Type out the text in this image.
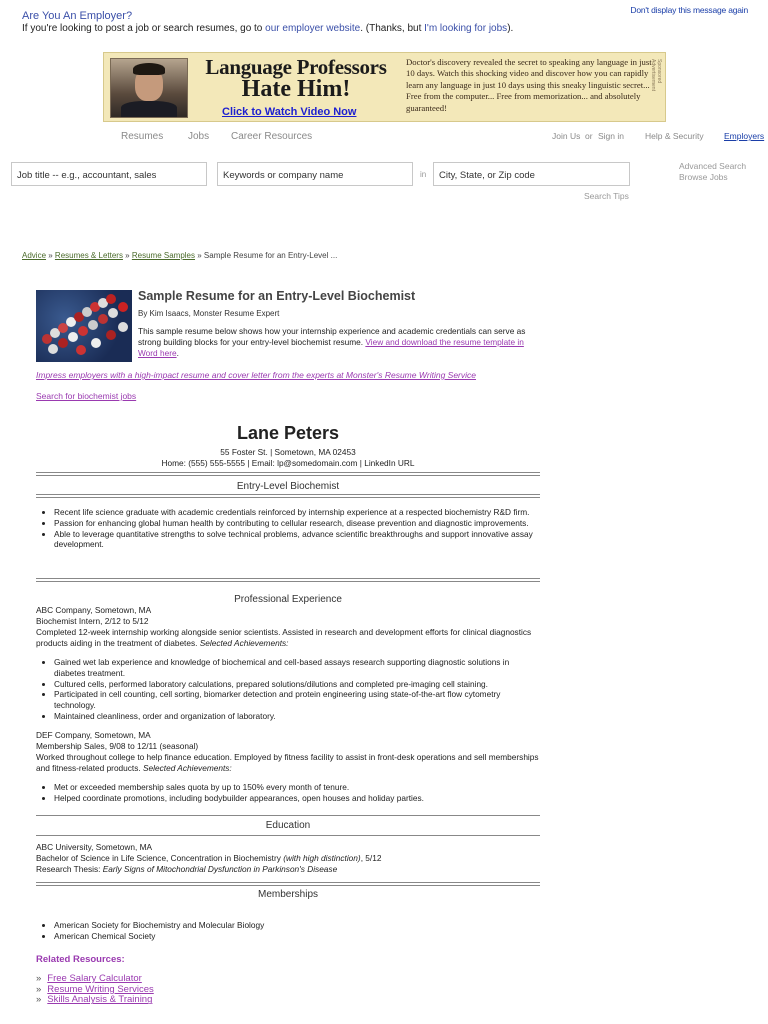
Are You An Employer?
If you're looking to post a job or search resumes, go to our employer website. (Thanks, but I'm looking for jobs).
Don't display this message again
Language Professors
Hate Him!
Click to Watch Video Now
Doctor's discovery revealed the secret to speaking any language in just 10 days. Watch this shocking video and discover how you can rapidly learn any language in just 10 days using this sneaky linguistic secret... Free from the computer... Free from memorization... and absolutely guaranteed!
Sponsored Advertisement
Resumes Jobs Career Resources	Join Us or Sign in Help & Security Employers
Job title -- e.g., accountant, sales	Keywords or company name	in	City, State, or Zip code
Advanced Search
Browse Jobs
Search Tips
Advice » Resumes & Letters » Resume Samples » Sample Resume for an Entry-Level ...
Sample Resume for an Entry-Level Biochemist
By Kim Isaacs, Monster Resume Expert
This sample resume below shows how your internship experience and academic credentials can serve as strong building blocks for your entry-level biochemist resume. View and download the resume template in Word here.
Impress employers with a high-impact resume and cover letter from the experts at Monster's Resume Writing Service
Search for biochemist jobs
Lane Peters
55 Foster St. | Sometown, MA 02453
Home: (555) 555-5555 | Email: lp@somedomain.com | LinkedIn URL
Entry-Level Biochemist
• Recent life science graduate with academic credentials reinforced by internship experience at a respected biochemistry R&D firm.
• Passion for enhancing global human health by contributing to cellular research, disease prevention and diagnostic improvements.
• Able to leverage quantitative strengths to solve technical problems, advance scientific breakthroughs and support innovative assay development.
Professional Experience
ABC Company, Sometown, MA
Biochemist Intern, 2/12 to 5/12
Completed 12-week internship working alongside senior scientists. Assisted in research and development efforts for clinical diagnostics products aiding in the treatment of diabetes. Selected Achievements:
• Gained wet lab experience and knowledge of biochemical and cell-based assays research supporting diagnostic solutions in diabetes treatment.
• Cultured cells, performed laboratory calculations, prepared solutions/dilutions and completed pre-imaging cell staining.
• Participated in cell counting, cell sorting, biomarker detection and protein engineering using state-of-the-art flow cytometry technology.
• Maintained cleanliness, order and organization of laboratory.
DEF Company, Sometown, MA
Membership Sales, 9/08 to 12/11 (seasonal)
Worked throughout college to help finance education. Employed by fitness facility to assist in front-desk operations and sell memberships and fitness-related products. Selected Achievements:
• Met or exceeded membership sales quota by up to 150% every month of tenure.
• Helped coordinate promotions, including bodybuilder appearances, open houses and holiday parties.
Education
ABC University, Sometown, MA
Bachelor of Science in Life Science, Concentration in Biochemistry (with high distinction), 5/12
Research Thesis: Early Signs of Mitochondrial Dysfunction in Parkinson's Disease
Memberships
• American Society for Biochemistry and Molecular Biology
• American Chemical Society
Related Resources:
» Free Salary Calculator
» Resume Writing Services
» Skills Analysis & Training
